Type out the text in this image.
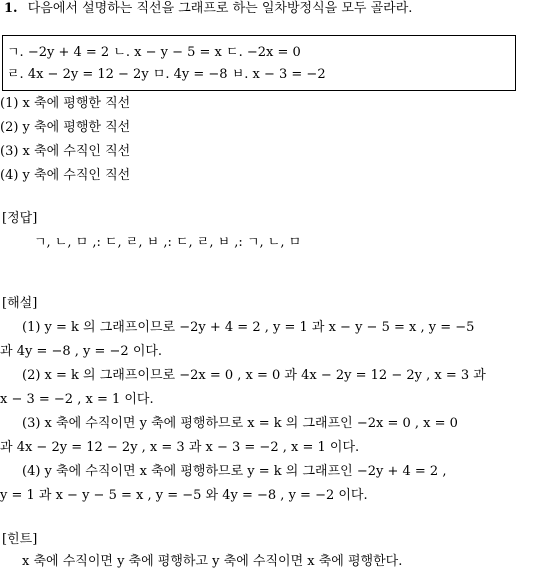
1. 다음에서 설명하는 직선을 그래프로 하는 일차방정식을 모두 골라라.
ㄱ. −2y + 4 = 2 ㄴ. x − y − 5 = x ㄷ. −2x = 0
ㄹ. 4x − 2y = 12 − 2y ㅁ. 4y = −8 ㅂ. x − 3 = −2
(1) x 축에 평행한 직선
(2) y 축에 평행한 직선
(3) x 축에 수직인 직선
(4) y 축에 수직인 직선
[정답]
ㄱ, ㄴ, ㅁ ,: ㄷ, ㄹ, ㅂ ,: ㄷ, ㄹ, ㅂ ,: ㄱ, ㄴ, ㅁ
[해설]
(1) y = k 의 그래프이므로 −2y + 4 = 2 , y = 1 과 x − y − 5 = x , y = −5
과 4y = −8 , y = −2 이다.
(2) x = k 의 그래프이므로 −2x = 0 , x = 0 과 4x − 2y = 12 − 2y , x = 3 과
x − 3 = −2 , x = 1 이다.
(3) x 축에 수직이면 y 축에 평행하므로 x = k 의 그래프인 −2x = 0 , x = 0
과 4x − 2y = 12 − 2y , x = 3 과 x − 3 = −2 , x = 1 이다.
(4) y 축에 수직이면 x 축에 평행하므로 y = k 의 그래프인 −2y + 4 = 2 ,
y = 1 과 x − y − 5 = x , y = −5 와 4y = −8 , y = −2 이다.
[힌트]
x 축에 수직이면 y 축에 평행하고 y 축에 수직이면 x 축에 평행한다.
